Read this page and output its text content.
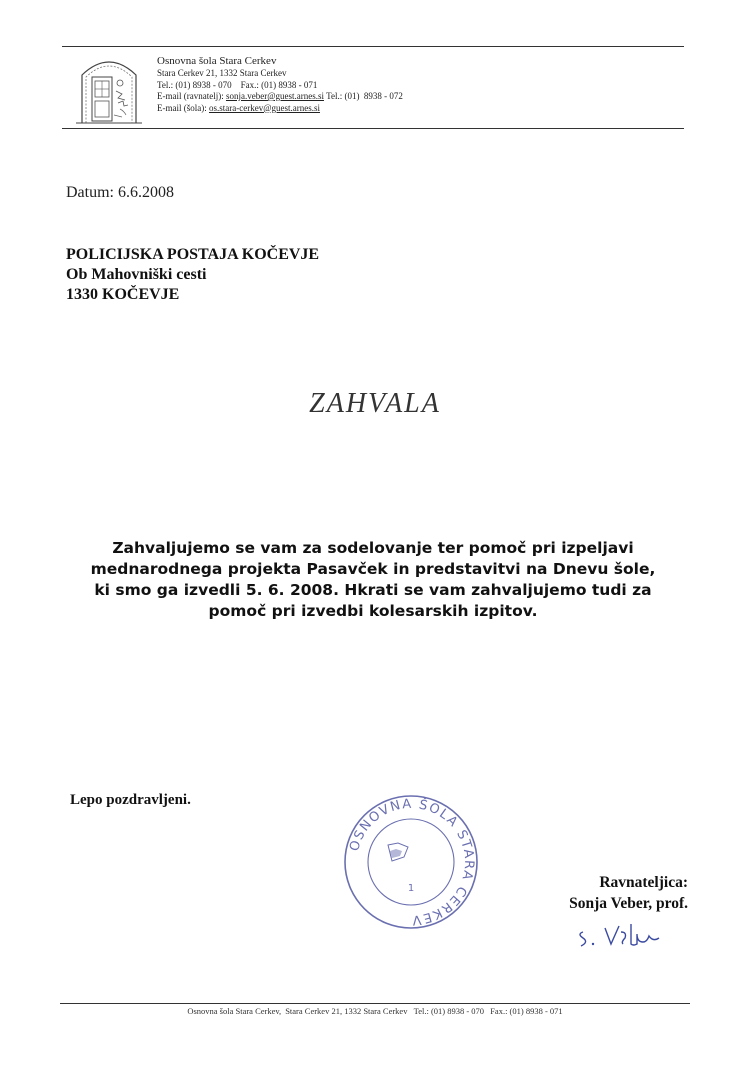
Osnovna šola Stara Cerkev
Stara Cerkev 21, 1332 Stara Cerkev
Tel.: (01) 8938 - 070    Fax.: (01) 8938 - 071
E-mail (ravnatelj): sonja.veber@guest.arnes.si Tel.: (01)  8938 - 072
E-mail (šola): os.stara-cerkev@guest.arnes.si
Datum: 6.6.2008
POLICIJSKA POSTAJA KOČEVJE
Ob Mahovniški cesti
1330 KOČEVJE
ZAHVALA
Zahvaljujemo se vam za sodelovanje ter pomoč pri izpeljavi
mednarodnega projekta Pasavček in predstavitvi na Dnevu šole,
ki smo ga izvedli 5. 6. 2008. Hkrati se vam zahvaljujemo tudi za
pomoč pri izvedbi kolesarskih izpitov.
Lepo pozdravljeni.
OSNOVNA ŠOLA STARA CERKEV
1	Ravnateljica:
Sonja Veber, prof.
Osnovna šola Stara Cerkev, Stara Cerkev 21, 1332 Stara Cerkev Tel.: (01) 8938 - 070 Fax.: (01) 8938 - 071
